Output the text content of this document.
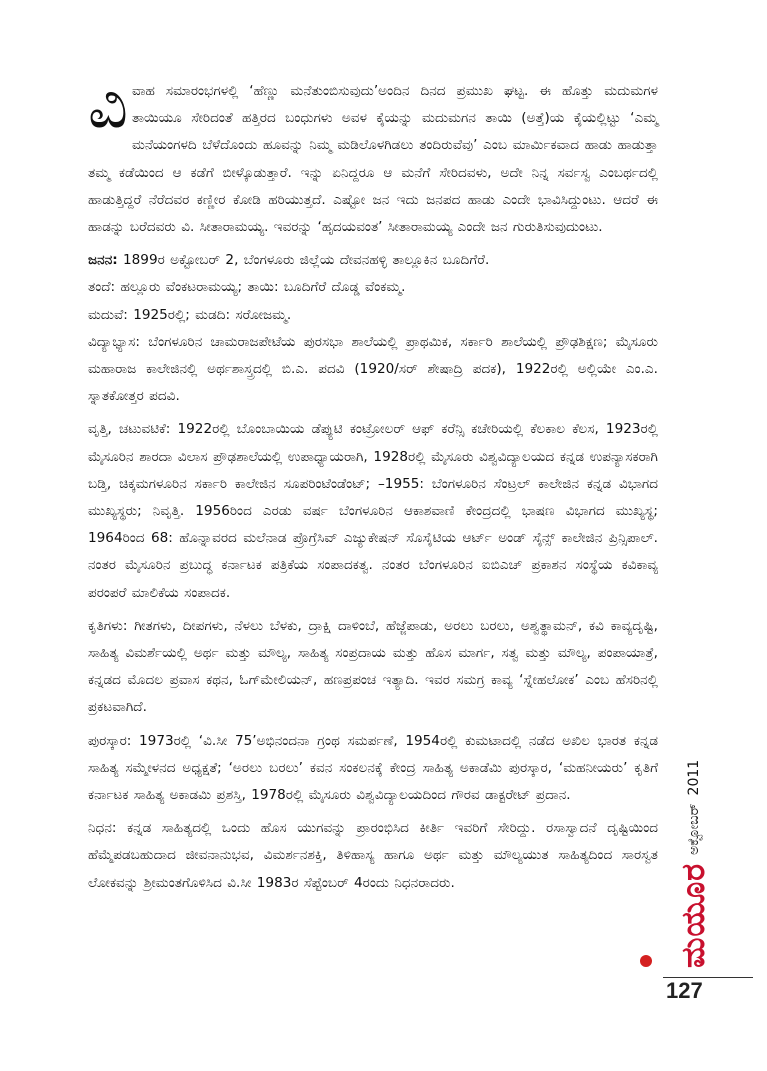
ವಿವಾಹ ಸಮಾರಂಭಗಳಲ್ಲಿ ‘ಹೆಣ್ಣು ಮನೆತುಂಬಿಸುವುದು’ಅಂದಿನ ದಿನದ ಪ್ರಮುಖ ಘಟ್ಟ. ಈ ಹೊತ್ತು ಮದುಮಗಳ ತಾಯಿಯೂ ಸೇರಿದಂತೆ ಹತ್ತಿರದ ಬಂಧುಗಳು ಅವಳ ಕೈಯನ್ನು ಮದುಮಗನ ತಾಯಿ (ಅತ್ತೆ)ಯ ಕೈಯಲ್ಲಿಟ್ಟು ‘ಎಮ್ಮ ಮನೆಯಂಗಳದಿ ಬೆಳೆದೊಂದು ಹೂವನ್ನು ನಿಮ್ಮ ಮಡಿಲೊಳಗಿಡಲು ತಂದಿರುವೆವು’ ಎಂಬ ಮಾರ್ಮಿಕವಾದ ಹಾಡು ಹಾಡುತ್ತಾ ತಮ್ಮ ಕಡೆಯಿಂದ ಆ ಕಡೆಗೆ ಬೀಳ್ಕೊಡುತ್ತಾರೆ. ಇನ್ನು ಏನಿದ್ದರೂ ಆ ಮನೆಗೆ ಸೇರಿದವಳು, ಅದೇ ನಿನ್ನ ಸರ್ವಸ್ವ ಎಂಬರ್ಥದಲ್ಲಿ ಹಾಡುತ್ತಿದ್ದರೆ ನೆರೆದವರ ಕಣ್ಣೀರ ಕೋಡಿ ಹರಿಯುತ್ತದೆ. ಎಷ್ಟೋ ಜನ ಇದು ಜನಪದ ಹಾಡು ಎಂದೇ ಭಾವಿಸಿದ್ದುಂಟು. ಆದರೆ ಈ ಹಾಡನ್ನು ಬರೆದವರು ವಿ. ಸೀತಾರಾಮಯ್ಯ. ಇವರನ್ನು ‘ಹೃದಯವಂತ’ ಸೀತಾರಾಮಯ್ಯ ಎಂದೇ ಜನ ಗುರುತಿಸುವುದುಂಟು.

ಜನನ: 1899ರ ಅಕ್ಟೋಬರ್ 2, ಬೆಂಗಳೂರು ಜಿಲ್ಲೆಯ ದೇವನಹಳ್ಳಿ ತಾಲ್ಲೂಕಿನ ಬೂದಿಗೆರೆ.

ತಂದೆ: ಹಲ್ಲೂರು ವೆಂಕಟರಾಮಯ್ಯ; ತಾಯಿ: ಬೂದಿಗೆರೆ ದೊಡ್ಡ ವೆಂಕಮ್ಮ.

ಮದುವೆ: 1925ರಲ್ಲಿ; ಮಡದಿ: ಸರೋಜಮ್ಮ.

ವಿದ್ಯಾಭ್ಯಾಸ: ಬೆಂಗಳೂರಿನ ಚಾಮರಾಜಪೇಟೆಯ ಪುರಸಭಾ ಶಾಲೆಯಲ್ಲಿ ಪ್ರಾಥಮಿಕ, ಸರ್ಕಾರಿ ಶಾಲೆಯಲ್ಲಿ ಪ್ರೌಢಶಿಕ್ಷಣ; ಮೈಸೂರು ಮಹಾರಾಜ ಕಾಲೇಜಿನಲ್ಲಿ ಅರ್ಥಶಾಸ್ತ್ರದಲ್ಲಿ ಬಿ.ಎ. ಪದವಿ (1920/ಸರ್ ಶೇಷಾದ್ರಿ ಪದಕ), 1922ರಲ್ಲಿ ಅಲ್ಲಿಯೇ ಎಂ.ಎ. ಸ್ನಾತಕೋತ್ತರ ಪದವಿ.

ವೃತ್ತಿ, ಚಟುವಟಿಕೆ: 1922ರಲ್ಲಿ ಬೊಂಬಾಯಿಯ ಡೆಪ್ಯುಟಿ ಕಂಟ್ರೋಲರ್ ಆಫ್ ಕರೆನ್ಸಿ ಕಚೇರಿಯಲ್ಲಿ ಕೆಲಕಾಲ ಕೆಲಸ, 1923ರಲ್ಲಿ ಮೈಸೂರಿನ ಶಾರದಾ ವಿಲಾಸ ಪ್ರೌಢಶಾಲೆಯಲ್ಲಿ ಉಪಾಧ್ಯಾಯರಾಗಿ, 1928ರಲ್ಲಿ ಮೈಸೂರು ವಿಶ್ವವಿದ್ಯಾಲಯದ ಕನ್ನಡ ಉಪನ್ಯಾಸಕರಾಗಿ ಬಡ್ತಿ, ಚಿಕ್ಕಮಗಳೂರಿನ ಸರ್ಕಾರಿ ಕಾಲೇಜಿನ ಸೂಪರಿಂಟೆಂಡೆಂಟ್; –1955: ಬೆಂಗಳೂರಿನ ಸೆಂಟ್ರಲ್ ಕಾಲೇಜಿನ ಕನ್ನಡ ವಿಭಾಗದ ಮುಖ್ಯಸ್ಥರು; ನಿವೃತ್ತಿ. 1956ರಿಂದ ಎರಡು ವರ್ಷ ಬೆಂಗಳೂರಿನ ಆಕಾಶವಾಣಿ ಕೇಂದ್ರದಲ್ಲಿ ಭಾಷಣ ವಿಭಾಗದ ಮುಖ್ಯಸ್ಥ; 1964ರಿಂದ 68: ಹೊನ್ನಾವರದ ಮಲೆನಾಡ ಪ್ರೊಗ್ರೆಸಿವ್ ಎಜ್ಯುಕೇಷನ್ ಸೊಸೈಟಿಯ ಆರ್ಟ್ ಅಂಡ್ ಸೈನ್ಸ್ ಕಾಲೇಜಿನ ಪ್ರಿನ್ಸಿಪಾಲ್. ನಂತರ ಮೈಸೂರಿನ ಪ್ರಬುದ್ಧ ಕರ್ನಾಟಕ ಪತ್ರಿಕೆಯ ಸಂಪಾದಕತ್ವ. ನಂತರ ಬೆಂಗಳೂರಿನ ಐಬಿಎಚ್ ಪ್ರಕಾಶನ ಸಂಸ್ಥೆಯ ಕವಿಕಾವ್ಯ ಪರಂಪರೆ ಮಾಲಿಕೆಯ ಸಂಪಾದಕ.

ಕೃತಿಗಳು: ಗೀತಗಳು, ದೀಪಗಳು, ನೆಳಲು ಬೆಳಕು, ದ್ರಾಕ್ಷಿ ದಾಳಿಂಬೆ, ಹೆಜ್ಜೆಪಾಡು, ಅರಲು ಬರಲು, ಅಶ್ವತ್ಥಾಮನ್, ಕವಿ ಕಾವ್ಯದೃಷ್ಟಿ, ಸಾಹಿತ್ಯ ವಿಮರ್ಶೆಯಲ್ಲಿ ಅರ್ಥ ಮತ್ತು ಮೌಲ್ಯ, ಸಾಹಿತ್ಯ ಸಂಪ್ರದಾಯ ಮತ್ತು ಹೊಸ ಮಾರ್ಗ, ಸತ್ವ ಮತ್ತು ಮೌಲ್ಯ, ಪಂಪಾಯಾತ್ರೆ, ಕನ್ನಡದ ಮೊದಲ ಪ್ರವಾಸ ಕಥನ, ಓಗ್‌ಮೇಲಿಯನ್, ಹಣಪ್ರಪಂಚ ಇತ್ಯಾದಿ. ಇವರ ಸಮಗ್ರ ಕಾವ್ಯ ‘ಸ್ನೇಹಲೋಕ’ ಎಂಬ ಹೆಸರಿನಲ್ಲಿ ಪ್ರಕಟವಾಗಿದೆ.

ಪುರಸ್ಕಾರ: 1973ರಲ್ಲಿ ‘ವಿ.ಸೀ 75’ಅಭಿನಂದನಾ ಗ್ರಂಥ ಸಮರ್ಪಣೆ, 1954ರಲ್ಲಿ ಕುಮಟಾದಲ್ಲಿ ನಡೆದ ಅಖಿಲ ಭಾರತ ಕನ್ನಡ ಸಾಹಿತ್ಯ ಸಮ್ಮೇಳನದ ಅಧ್ಯಕ್ಷತೆ; ‘ಅರಲು ಬರಲು’ ಕವನ ಸಂಕಲನಕ್ಕೆ ಕೇಂದ್ರ ಸಾಹಿತ್ಯ ಅಕಾಡೆಮಿ ಪುರಸ್ಕಾರ, ‘ಮಹನೀಯರು’ ಕೃತಿಗೆ ಕರ್ನಾಟಕ ಸಾಹಿತ್ಯ ಅಕಾಡಮಿ ಪ್ರಶಸ್ತಿ, 1978ರಲ್ಲಿ ಮೈಸೂರು ವಿಶ್ವವಿದ್ಯಾಲಯದಿಂದ ಗೌರವ ಡಾಕ್ಟರೇಟ್ ಪ್ರದಾನ.

ನಿಧನ: ಕನ್ನಡ ಸಾಹಿತ್ಯದಲ್ಲಿ ಒಂದು ಹೊಸ ಯುಗವನ್ನು ಪ್ರಾರಂಭಿಸಿದ ಕೀರ್ತಿ ಇವರಿಗೆ ಸೇರಿದ್ದು. ರಸಾಸ್ವಾದನೆ ದೃಷ್ಟಿಯಿಂದ ಹೆಮ್ಮೆಪಡಬಹುದಾದ ಜೀವನಾನುಭವ, ವಿಮರ್ಶನಶಕ್ತಿ, ತಿಳಿಹಾಸ್ಯ ಹಾಗೂ ಅರ್ಥ ಮತ್ತು ಮೌಲ್ಯಯುತ ಸಾಹಿತ್ಯದಿಂದ ಸಾರಸ್ವತ ಲೋಕವನ್ನು ಶ್ರೀಮಂತಗೊಳಿಸಿದ ವಿ.ಸೀ 1983ರ ಸೆಪ್ಟೆಂಬರ್ 4ರಂದು ನಿಧನರಾದರು.	ಮಯೂರ
ಅಕ್ಟೋಬರ್
2011
127
